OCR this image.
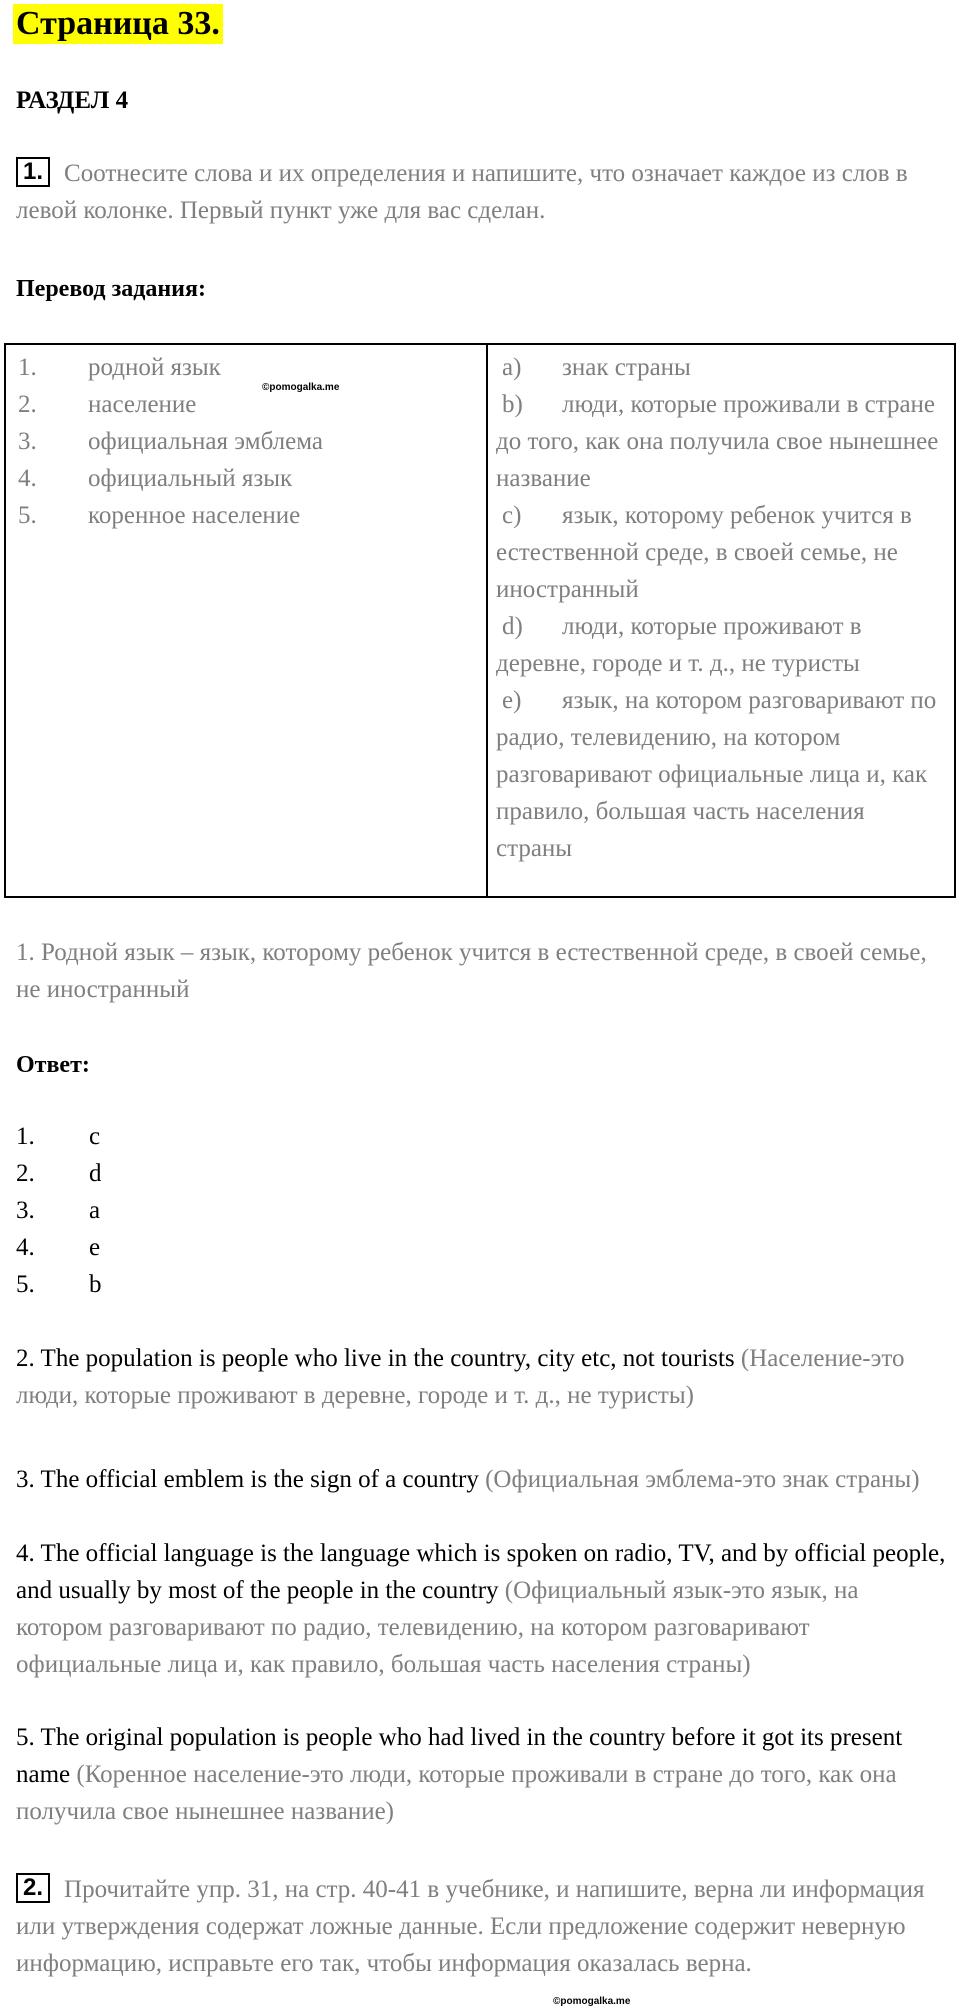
Страница 33.
РАЗДЕЛ 4
1. Соотнесите слова и их определения и напишите, что означает каждое из слов в левой колонке. Первый пункт уже для вас сделан.
Перевод задания:
1.	родной язык
2.	население
3.	официальная эмблема
4.	официальный язык
5.	коренное население

a) знак страны
b) люди, которые проживали в стране до того, как она получила свое нынешнее название
c) язык, которому ребенок учится в естественной среде, в своей семье, не иностранный
d) люди, которые проживают в деревне, городе и т. д., не туристы
e) язык, на котором разговаривают по радио, телевидению, на котором разговаривают официальные лица и, как правило, большая часть населения страны
©pomogalka.me
1. Родной язык – язык, которому ребенок учится в естественной среде, в своей семье, не иностранный
Ответ:
1.	c
2.	d
3.	a
4.	e
5.	b
2. The population is people who live in the country, city etc, not tourists (Население-это люди, которые проживают в деревне, городе и т. д., не туристы)
3. The official emblem is the sign of a country (Официальная эмблема-это знак страны)
4. The official language is the language which is spoken on radio, TV, and by official people, and usually by most of the people in the country (Официальный язык-это язык, на котором разговаривают по радио, телевидению, на котором разговаривают официальные лица и, как правило, большая часть населения страны)
5. The original population is people who had lived in the country before it got its present name (Коренное население-это люди, которые проживали в стране до того, как она получила свое нынешнее название)
2. Прочитайте упр. 31, на стр. 40-41 в учебнике, и напишите, верна ли информация или утверждения содержат ложные данные. Если предложение содержит неверную информацию, исправьте его так, чтобы информация оказалась верна.
©pomogalka.me
